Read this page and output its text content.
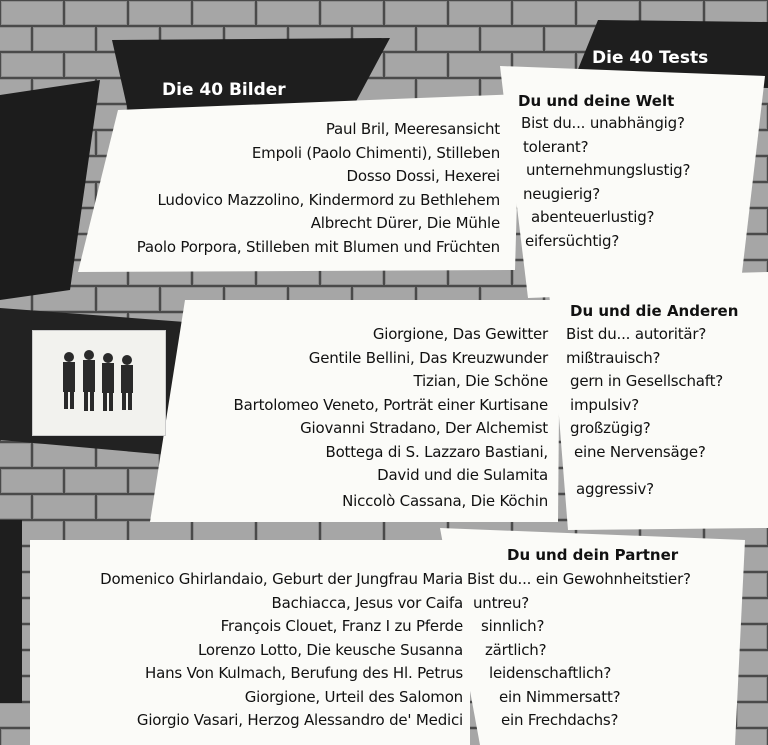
Die 40 Bilder
Die 40 Tests
Du und deine Welt
Paul Bril, Meeresansicht
Empoli (Paolo Chimenti), Stilleben
Dosso Dossi, Hexerei
Ludovico Mazzolino, Kindermord zu Bethlehem
Albrecht Dürer, Die Mühle
Paolo Porpora, Stilleben mit Blumen und Früchten
Bist du... unabhängig?
tolerant?
unternehmungslustig?
neugierig?
abenteuerlustig?
eifersüchtig?
Du und die Anderen
Giorgione, Das Gewitter
Gentile Bellini, Das Kreuzwunder
Tizian, Die Schöne
Bartolomeo Veneto, Porträt einer Kurtisane
Giovanni Stradano, Der Alchemist
Bottega di S. Lazzaro Bastiani,
David und die Sulamita
Niccolò Cassana, Die Köchin
Bist du... autoritär?
mißtrauisch?
gern in Gesellschaft?
impulsiv?
großzügig?
eine Nervensäge?
aggressiv?
Du und dein Partner
Domenico Ghirlandaio, Geburt der Jungfrau Maria
Bachiacca, Jesus vor Caifa
François Clouet, Franz I zu Pferde
Lorenzo Lotto, Die keusche Susanna
Hans Von Kulmach, Berufung des Hl. Petrus
Giorgione, Urteil des Salomon
Giorgio Vasari, Herzog Alessandro de' Medici
Bist du... ein Gewohnheitstier?
untreu?
sinnlich?
zärtlich?
leidenschaftlich?
ein Nimmersatt?
ein Frechdachs?
